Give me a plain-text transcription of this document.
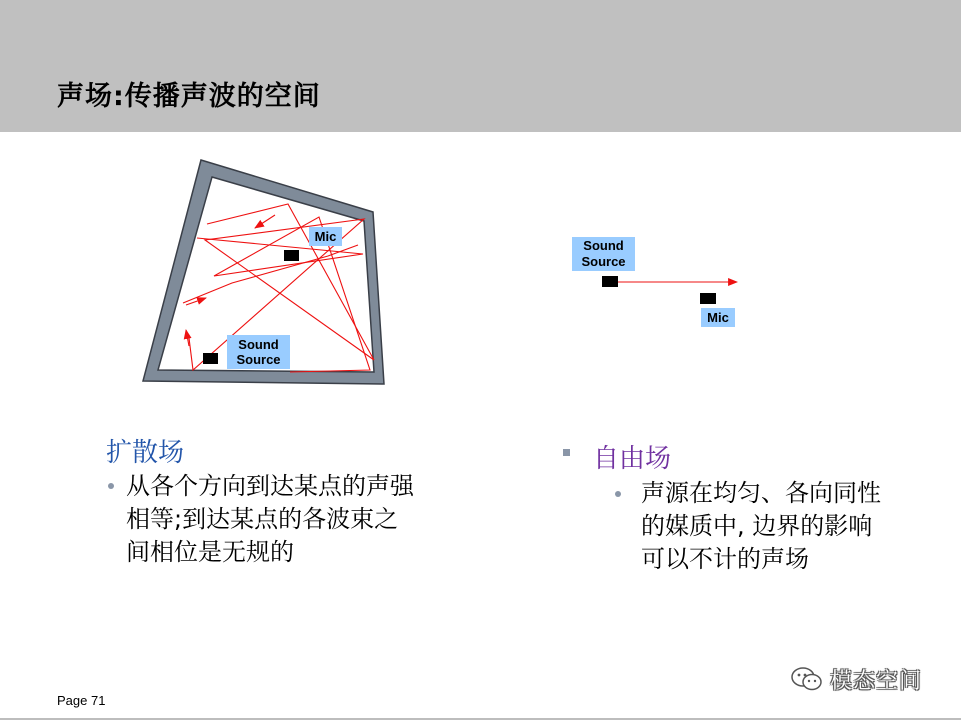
声场:传播声波的空间
Mic
Sound
Source
Sound
Source
Mic
扩散场
从各个方向到达某点的声强
相等;到达某点的各波束之
间相位是无规的
自由场
声源在均匀、各向同性
的媒质中, 边界的影响
可以不计的声场
Page 71
模态空间
